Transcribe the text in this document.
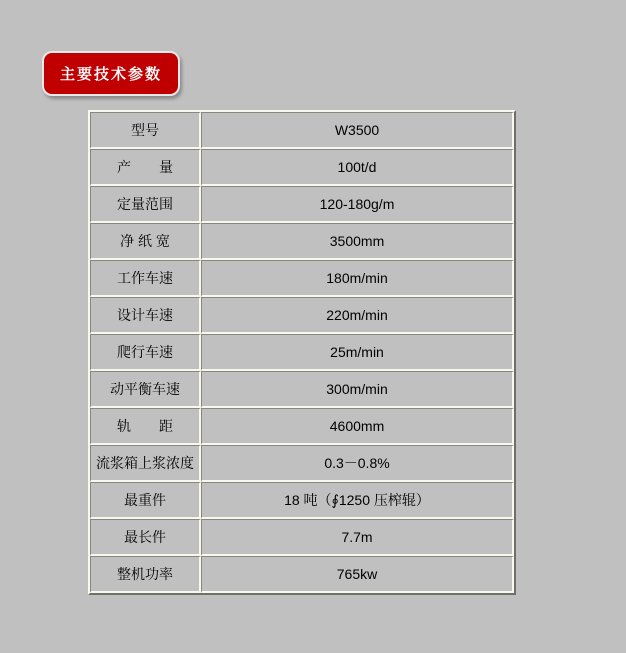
主要技术参数
型号	W3500
产　　量	100t/d
定量范围	120-180g/m
净 纸 宽	3500mm
工作车速	180m/min
设计车速	220m/min
爬行车速	25m/min
动平衡车速	300m/min
轨　　距	4600mm
流浆箱上浆浓度	0.3－0.8%
最重件	18 吨（∮1250 压榨辊）
最长件	7.7m
整机功率	765kw
